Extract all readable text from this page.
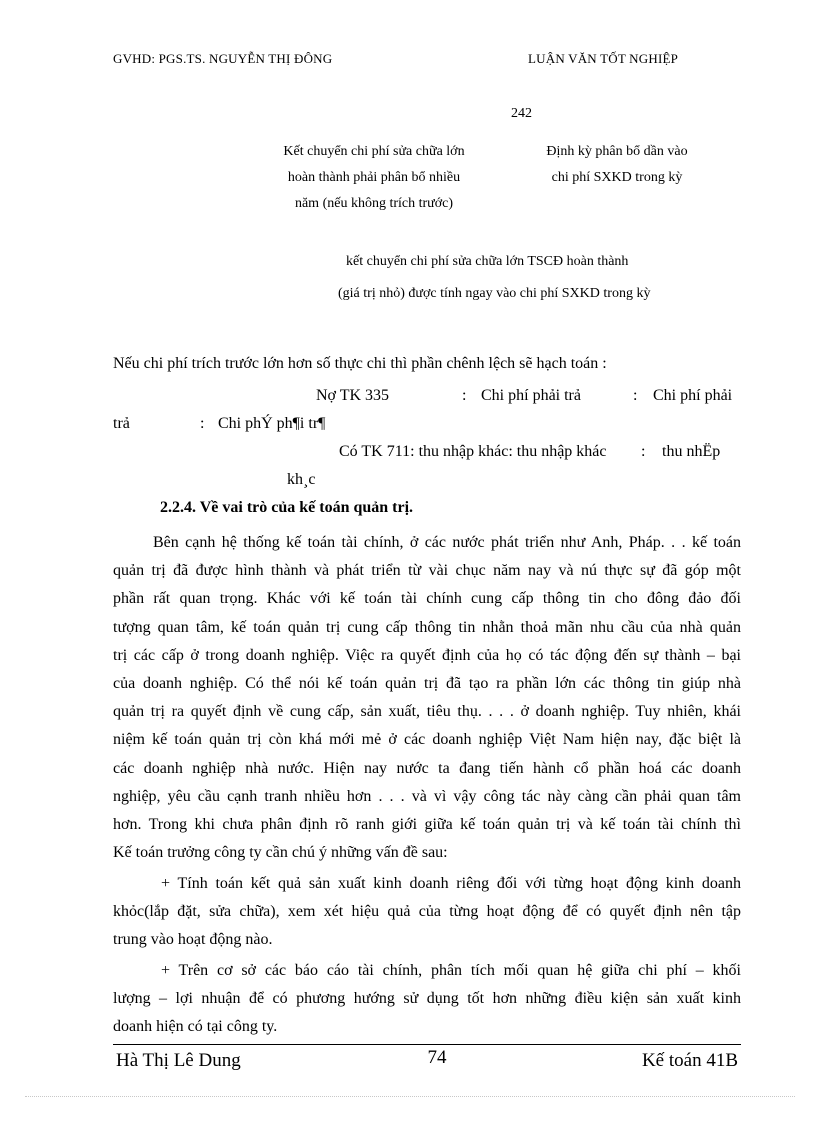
GVHD: PGS.TS. NGUYỄN THỊ ĐÔNG	LUẬN VĂN TỐT NGHIỆP
242
Kết chuyển chi phí sửa chữa lớn
hoàn thành phải phân bổ nhiều
năm (nếu không trích trước)
Định kỳ phân bổ dần vào
chi phí SXKD trong kỳ
kết chuyển chi phí sửa chữa lớn TSCĐ hoàn thành
(giá trị nhỏ) được tính ngay vào chi phí SXKD trong kỳ
Nếu chi phí trích trước lớn hơn số thực chi thì phần chênh lệch sẽ hạch toán :
Nợ TK 335	: Chi phí phải trả	: Chi phí phải
trả	: Chi phÝ ph¶i tr¶
Có TK 711: thu nhập khác: thu nhập khác : thu nhËp
kh¸c
2.2.4. Về vai trò của kế toán quản trị.
Bên cạnh hệ thống kế toán tài chính, ở các nước phát triển như Anh, Pháp. . . kế toán
quản trị đã được hình thành và phát triển từ vài chục năm nay và nú thực sự đã góp một
phần rất quan trọng. Khác với kế toán tài chính cung cấp thông tin cho đông đảo đối
tượng quan tâm, kế toán quản trị cung cấp thông tin nhằn thoả mãn nhu cầu của nhà quản
trị các cấp ở trong doanh nghiệp. Việc ra quyết định của họ có tác động đến sự thành – bại
của doanh nghiệp. Có thể nói kế toán quản trị đã tạo ra phần lớn các thông tin giúp nhà
quản trị ra quyết định về cung cấp, sản xuất, tiêu thụ. . . . ở doanh nghiệp. Tuy nhiên, khái
niệm kế toán quản trị còn khá mới mẻ ở các doanh nghiệp Việt Nam hiện nay, đặc biệt là
các doanh nghiệp nhà nước. Hiện nay nước ta đang tiến hành cổ phần hoá các doanh
nghiệp, yêu cầu cạnh tranh nhiều hơn . . . và vì vậy công tác này càng cần phải quan tâm
hơn. Trong khi chưa phân định rõ ranh giới giữa kế toán quản trị và kế toán tài chính thì
Kế toán trưởng công ty cần chú ý những vấn đề sau:
+ Tính toán kết quả sản xuất kinh doanh riêng đối với từng hoạt động kinh doanh
khỏc(lắp đặt, sửa chữa), xem xét hiệu quả của từng hoạt động để có quyết định nên tập
trung vào hoạt động nào.
+ Trên cơ sở các báo cáo tài chính, phân tích mối quan hệ giữa chi phí – khối
lượng – lợi nhuận để có phương hướng sử dụng tốt hơn những điều kiện sản xuất kinh
doanh hiện có tại công ty.
Hà Thị Lê Dung	74	Kế toán 41B
